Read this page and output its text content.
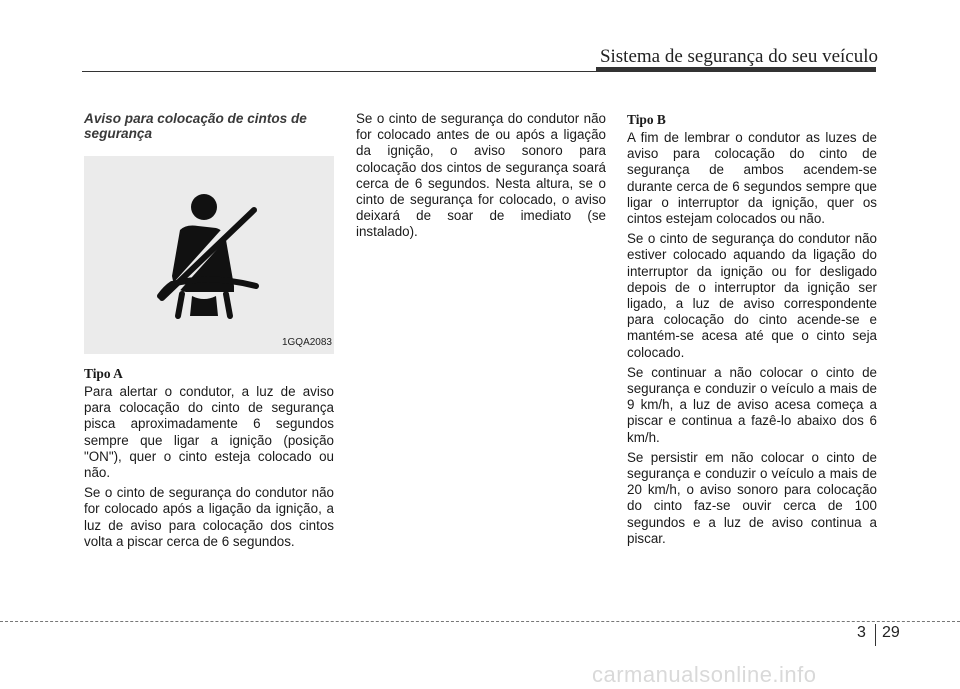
Sistema de segurança do seu veículo
Aviso para colocação de cintos de segurança
1GQA2083
Tipo A

Para alertar o condutor, a luz de aviso para colocação do cinto de segurança pisca aproximadamente 6 segundos sempre que ligar a ignição (posição "ON"), quer o cinto esteja colocado ou não.

Se o cinto de segurança do condutor não for colocado após a ligação da ignição, a luz de aviso para colocação dos cintos volta a piscar cerca de 6 segundos.

Se o cinto de segurança do condutor não for colocado antes de ou após a ligação da ignição, o aviso sonoro para colocação dos cintos de segurança soará cerca de 6 segundos. Nesta altura, se o cinto de segurança for colocado, o aviso deixará de soar de imediato (se instalado).

Tipo B

A fim de lembrar o condutor as luzes de aviso para colocação do cinto de segurança de ambos acendem-se durante cerca de 6 segundos sempre que ligar o interruptor da ignição, quer os cintos estejam colocados ou não.

Se o cinto de segurança do condutor não estiver colocado aquando da ligação do interruptor da ignição ou for desligado depois de o interruptor da ignição ser ligado, a luz de aviso correspondente para colocação do cinto acende-se e mantém-se acesa até que o cinto seja colocado.

Se continuar a não colocar o cinto de segurança e conduzir o veículo a mais de 9 km/h, a luz de aviso acesa começa a piscar e continua a fazê-lo abaixo dos 6 km/h.

Se persistir em não colocar o cinto de segurança e conduzir o veículo a mais de 20 km/h, o aviso sonoro para colocação do cinto faz-se ouvir cerca de 100 segundos e a luz de aviso continua a piscar.

3 29
carmanualsonline.info
